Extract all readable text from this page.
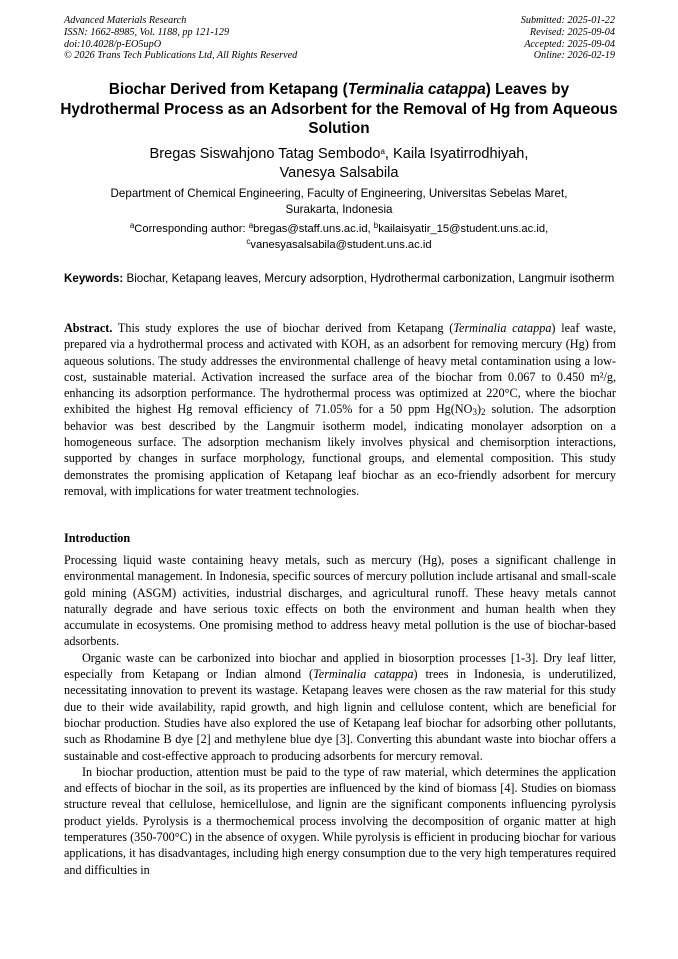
Advanced Materials Research
ISSN: 1662-8985, Vol. 1188, pp 121-129
doi:10.4028/p-EO5upO
© 2026 Trans Tech Publications Ltd, All Rights Reserved
Submitted: 2025-01-22
Revised: 2025-09-04
Accepted: 2025-09-04
Online: 2026-02-19
Biochar Derived from Ketapang (Terminalia catappa) Leaves by Hydrothermal Process as an Adsorbent for the Removal of Hg from Aqueous Solution
Bregas Siswahjono Tatag Sembodo$^a$, Kaila Isyatirrodhiyah,
Vanesya Salsabila
Department of Chemical Engineering, Faculty of Engineering, Universitas Sebelas Maret,
Surakarta, Indonesia
$^a$Corresponding author: $^a$bregas@staff.uns.ac.id, $^b$kailaisyatir_15@student.uns.ac.id,
$^c$vanesyasalsabila@student.uns.ac.id
Keywords: Biochar, Ketapang leaves, Mercury adsorption, Hydrothermal carbonization, Langmuir isotherm
Abstract. This study explores the use of biochar derived from Ketapang (Terminalia catappa) leaf waste, prepared via a hydrothermal process and activated with KOH, as an adsorbent for removing mercury (Hg) from aqueous solutions. The study addresses the environmental challenge of heavy metal contamination using a low-cost, sustainable material. Activation increased the surface area of the biochar from 0.067 to 0.450 m²/g, enhancing its adsorption performance. The hydrothermal process was optimized at 220°C, where the biochar exhibited the highest Hg removal efficiency of 71.05% for a 50 ppm $Hg(NO_3)_2$ solution. The adsorption behavior was best described by the Langmuir isotherm model, indicating monolayer adsorption on a homogeneous surface. The adsorption mechanism likely involves physical and chemisorption interactions, supported by changes in surface morphology, functional groups, and elemental composition. This study demonstrates the promising application of Ketapang leaf biochar as an eco-friendly adsorbent for mercury removal, with implications for water treatment technologies.
Introduction

Processing liquid waste containing heavy metals, such as mercury (Hg), poses a significant challenge in environmental management. In Indonesia, specific sources of mercury pollution include artisanal and small-scale gold mining (ASGM) activities, industrial discharges, and agricultural runoff. These heavy metals cannot naturally degrade and have serious toxic effects on both the environment and human health when they accumulate in ecosystems. One promising method to address heavy metal pollution is the use of biochar-based adsorbents.

Organic waste can be carbonized into biochar and applied in biosorption processes [1-3]. Dry leaf litter, especially from Ketapang or Indian almond (Terminalia catappa) trees in Indonesia, is underutilized, necessitating innovation to prevent its wastage. Ketapang leaves were chosen as the raw material for this study due to their wide availability, rapid growth, and high lignin and cellulose content, which are beneficial for biochar production. Studies have also explored the use of Ketapang leaf biochar for adsorbing other pollutants, such as Rhodamine B dye [2] and methylene blue dye [3]. Converting this abundant waste into biochar offers a sustainable and cost-effective approach to producing adsorbents for mercury removal.

In biochar production, attention must be paid to the type of raw material, which determines the application and effects of biochar in the soil, as its properties are influenced by the kind of biomass [4]. Studies on biomass structure reveal that cellulose, hemicellulose, and lignin are the significant components influencing pyrolysis product yields. Pyrolysis is a thermochemical process involving the decomposition of organic matter at high temperatures (350-700°C) in the absence of oxygen. While pyrolysis is efficient in producing biochar for various applications, it has disadvantages, including high energy consumption due to the very high temperatures required and difficulties in
